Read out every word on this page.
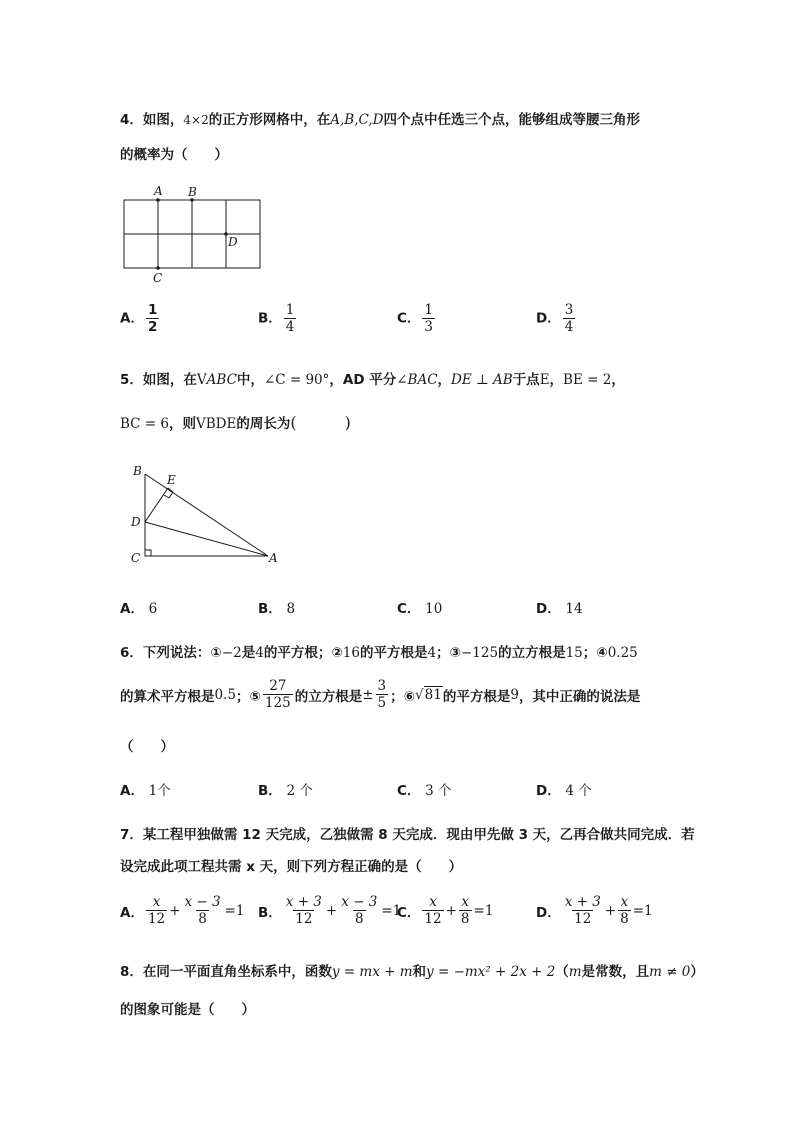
4．如图，4×2的正方形网格中，在A,B,C,D四个点中任选三个点，能够组成等腰三角形
的概率为（　　）
A B
C
D
A． $\frac{1}{2}$	B． $\frac{1}{4}$	C． $\frac{1}{3}$	D． $\frac{3}{4}$
5．如图，在VABC中，∠C = 90°，AD 平分∠BAC，DE ⊥ AB于点E，BE = 2，
BC = 6，则VBDE的周长为(　　　)
B
E
D
C	A
A． 6	B． 8	C． 10	D． 14
6．下列说法：①−2是4的平方根；②16的平方根是4；③−125的立方根是15；④0.25
的算术平方根是 0.5 ；⑤ $\frac{27}{125}$ 的立方根是 ± $\frac{3}{5}$ ；⑥ √ 81 的平方根是 9 ，其中正确的说法是
（　　）
A． 1个	B． 2 个	C． 3 个	D． 4 个
7．某工程甲独做需 12 天完成，乙独做需 8 天完成．现由甲先做 3 天，乙再合做共同完成．若
设完成此项工程共需 x 天，则下列方程正确的是（　　）
A． $\frac{x}{12} + \frac{x - 3}{8} =1$ B． $\frac{x + 3}{12} + \frac{x - 3}{8} =1$
C． $\frac{x}{12} + \frac{x}{8} =1$	D． $\frac{x + 3}{12} + \frac{x}{8} =1$
8．在同一平面直角坐标系中，函数y = mx + m和y = −mx² + 2x + 2（m是常数，且m ≠ 0）
的图象可能是（　　）
